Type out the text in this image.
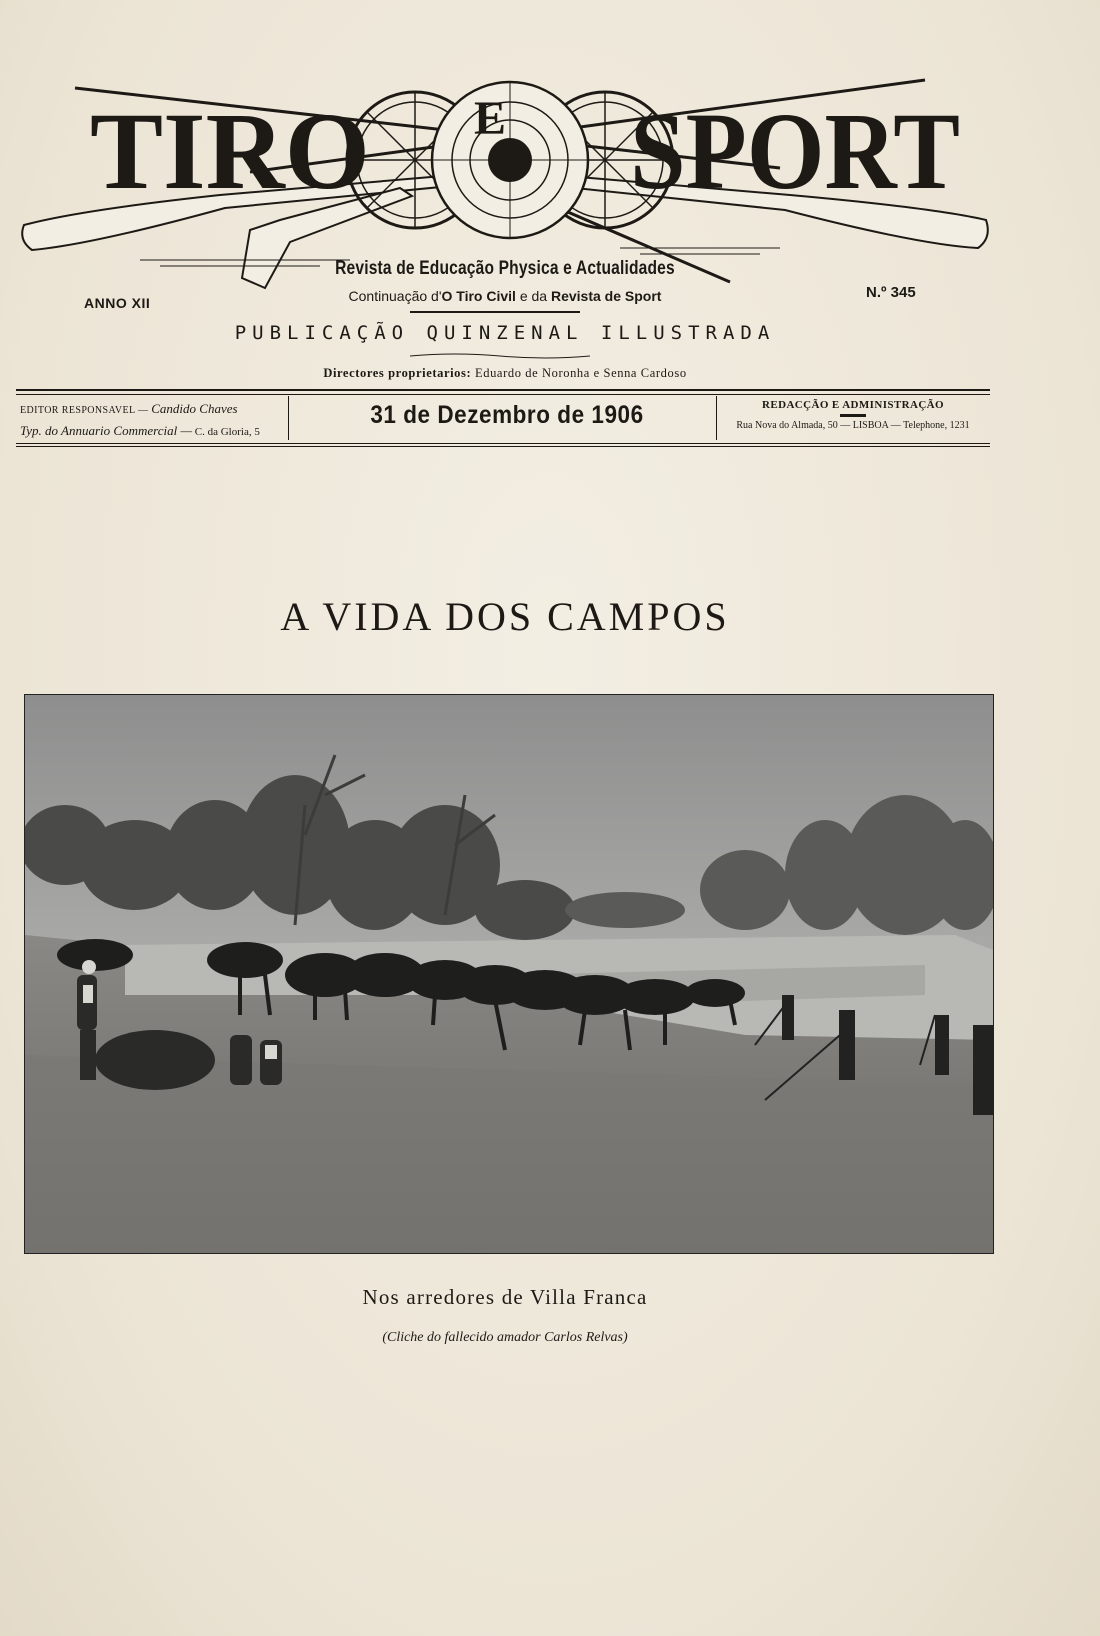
TIRO E SPORT
Revista de Educação Physica e Actualidades
Continuação d'O Tiro Civil e da Revista de Sport
ANNO XII
N.º 345
PUBLICAÇÃO QUINZENAL ILLUSTRADA
Directores proprietarios: Eduardo de Noronha e Senna Cardoso
EDITOR RESPONSAVEL — Candido Chaves
Typ. do Annuario Commercial — C. da Gloria, 5
31 de Dezembro de 1906	REDACÇÃO E ADMINISTRAÇÃO
Rua Nova do Almada, 50 — LISBOA — Telephone, 1231
A VIDA DOS CAMPOS
Nos arredores de Villa Franca
(Cliche do fallecido amador Carlos Relvas)
